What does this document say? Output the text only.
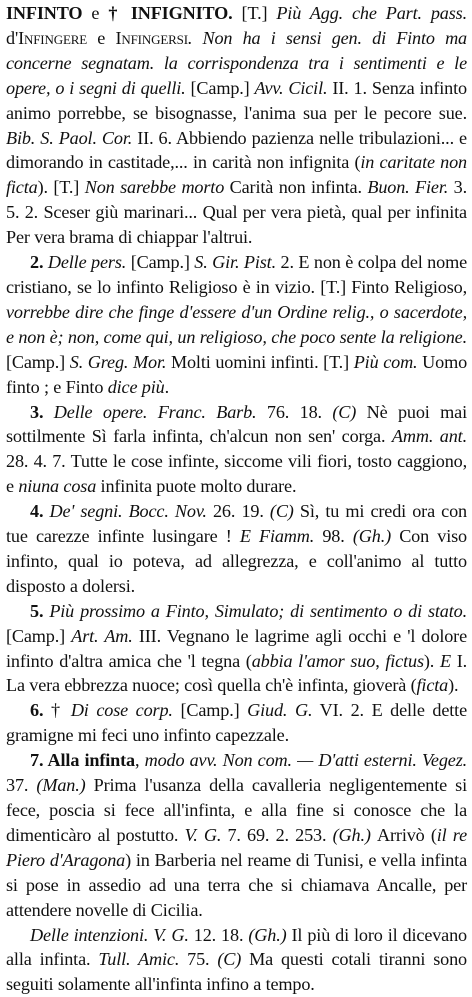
INFINTO e † INFIGNITO. [T.] Più Agg. che Part. pass. d'Infingere e Infingersi. Non ha i sensi gen. di Finto ma concerne segnatam. la corrispondenza tra i sentimenti e le opere, o i segni di quelli. [Camp.] Avv. Cicil. II. 1. Senza infinto animo porrebbe, se bisognasse, l'anima sua per le pecore sue. Bib. S. Paol. Cor. II. 6. Abbiendo pazienza nelle tribulazioni... e dimorando in castitade,... in carità non infignita (in caritate non ficta). [T.] Non sarebbe morto Carità non infinta. Buon. Fier. 3. 5. 2. Sceser giù marinari... Qual per vera pietà, qual per infinita Per vera brama di chiappar l'altrui.

2. Delle pers. [Camp.] S. Gir. Pist. 2. E non è colpa del nome cristiano, se lo infinto Religioso è in vizio. [T.] Finto Religioso, vorrebbe dire che finge d'essere d'un Ordine relig., o sacerdote, e non è; non, come qui, un religioso, che poco sente la religione. [Camp.] S. Greg. Mor. Molti uomini infinti. [T.] Più com. Uomo finto ; e Finto dice più.

3. Delle opere. Franc. Barb. 76. 18. (C) Nè puoi mai sottilmente Sì farla infinta, ch'alcun non sen' corga. Amm. ant. 28. 4. 7. Tutte le cose infinte, siccome vili fiori, tosto caggiono, e niuna cosa infinita puote molto durare.

4. De' segni. Bocc. Nov. 26. 19. (C) Sì, tu mi credi ora con tue carezze infinte lusingare ! E Fiamm. 98. (Gh.) Con viso infinto, qual io poteva, ad allegrezza, e coll'animo al tutto disposto a dolersi.

5. Più prossimo a Finto, Simulato; di sentimento o di stato. [Camp.] Art. Am. III. Vegnano le lagrime agli occhi e 'l dolore infinto d'altra amica che 'l tegna (abbia l'amor suo, fictus). E I. La vera ebbrezza nuoce; così quella ch'è infinta, gioverà (ficta).

6. † Di cose corp. [Camp.] Giud. G. VI. 2. E delle dette gramigne mi feci uno infinto capezzale.

7. Alla infinta, modo avv. Non com. — D'atti esterni. Vegez. 37. (Man.) Prima l'usanza della cavalleria negligentemente si fece, poscia si fece all'infinta, e alla fine si conosce che la dimenticàro al postutto. V. G. 7. 69. 2. 253. (Gh.) Arrivò (il re Piero d'Aragona) in Barberia nel reame di Tunisi, e vella infinta si pose in assedio ad una terra che si chiamava Ancalle, per attendere novelle di Cicilia.

Delle intenzioni. V. G. 12. 18. (Gh.) Il più di loro il dicevano alla infinta. Tull. Amic. 75. (C) Ma questi cotali tiranni sono seguiti solamente all'infinta infino a tempo.
